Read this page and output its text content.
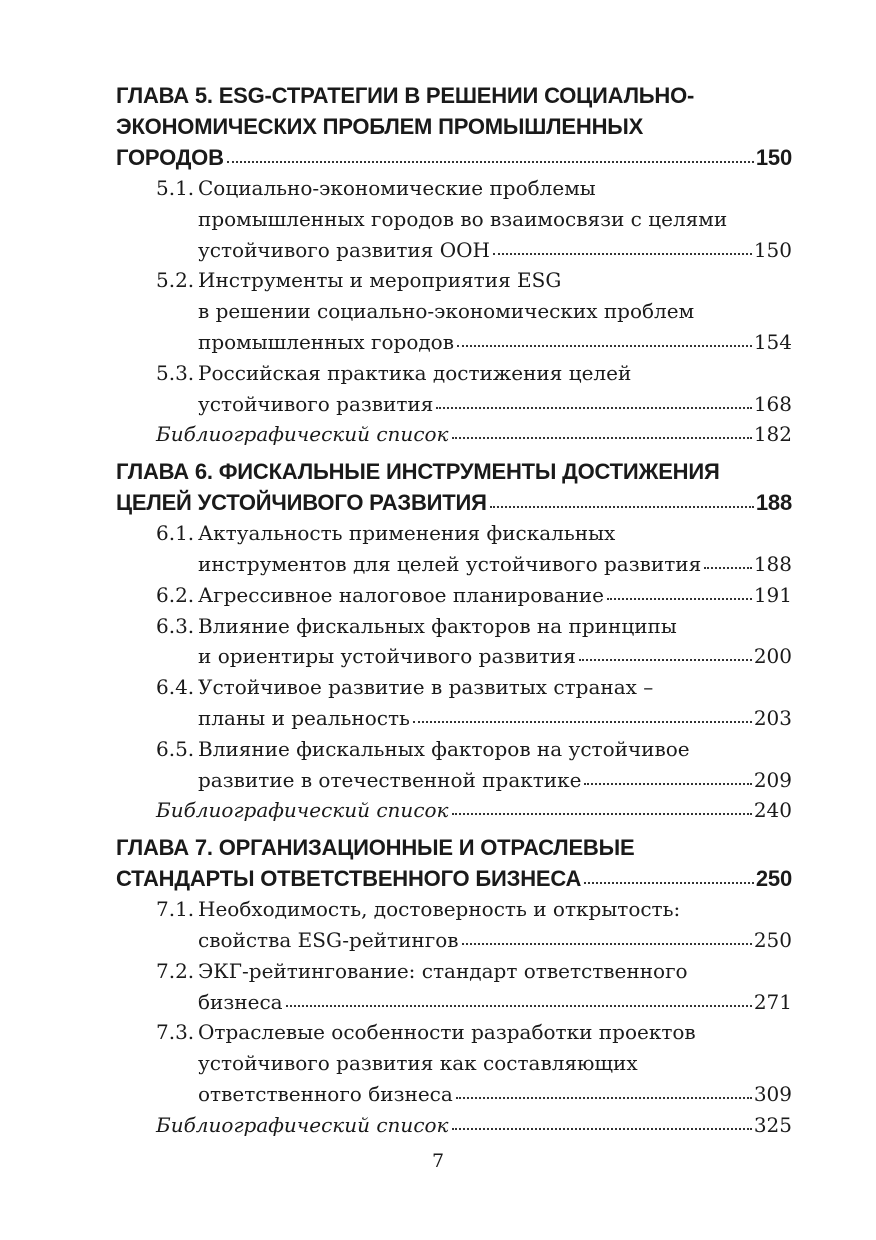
ГЛАВА 5. ESG-СТРАТЕГИИ В РЕШЕНИИ СОЦИАЛЬНО-
ЭКОНОМИЧЕСКИХ ПРОБЛЕМ ПРОМЫШЛЕННЫХ
ГОРОДОВ	150
5.1. Социально-экономические проблемы
промышленных городов во взаимосвязи с целями
устойчивого развития ООН	150
5.2. Инструменты и мероприятия ESG
в решении социально-экономических проблем
промышленных городов	154
5.3. Российская практика достижения целей
устойчивого развития	168
Библиографический список	182
ГЛАВА 6. ФИСКАЛЬНЫЕ ИНСТРУМЕНТЫ ДОСТИЖЕНИЯ
ЦЕЛЕЙ УСТОЙЧИВОГО РАЗВИТИЯ	188
6.1. Актуальность применения фискальных
инструментов для целей устойчивого развития	188
6.2. Агрессивное налоговое планирование	191
6.3. Влияние фискальных факторов на принципы
и ориентиры устойчивого развития	200
6.4. Устойчивое развитие в развитых странах –
планы и реальность	203
6.5. Влияние фискальных факторов на устойчивое
развитие в отечественной практике	209
Библиографический список	240
ГЛАВА 7. ОРГАНИЗАЦИОННЫЕ И ОТРАСЛЕВЫЕ
СТАНДАРТЫ ОТВЕТСТВЕННОГО БИЗНЕСА	250
7.1. Необходимость, достоверность и открытость:
свойства ESG-рейтингов	250
7.2. ЭКГ-рейтингование: стандарт ответственного
бизнеса	271
7.3. Отраслевые особенности разработки проектов
устойчивого развития как составляющих
ответственного бизнеса	309
Библиографический список	325
7
